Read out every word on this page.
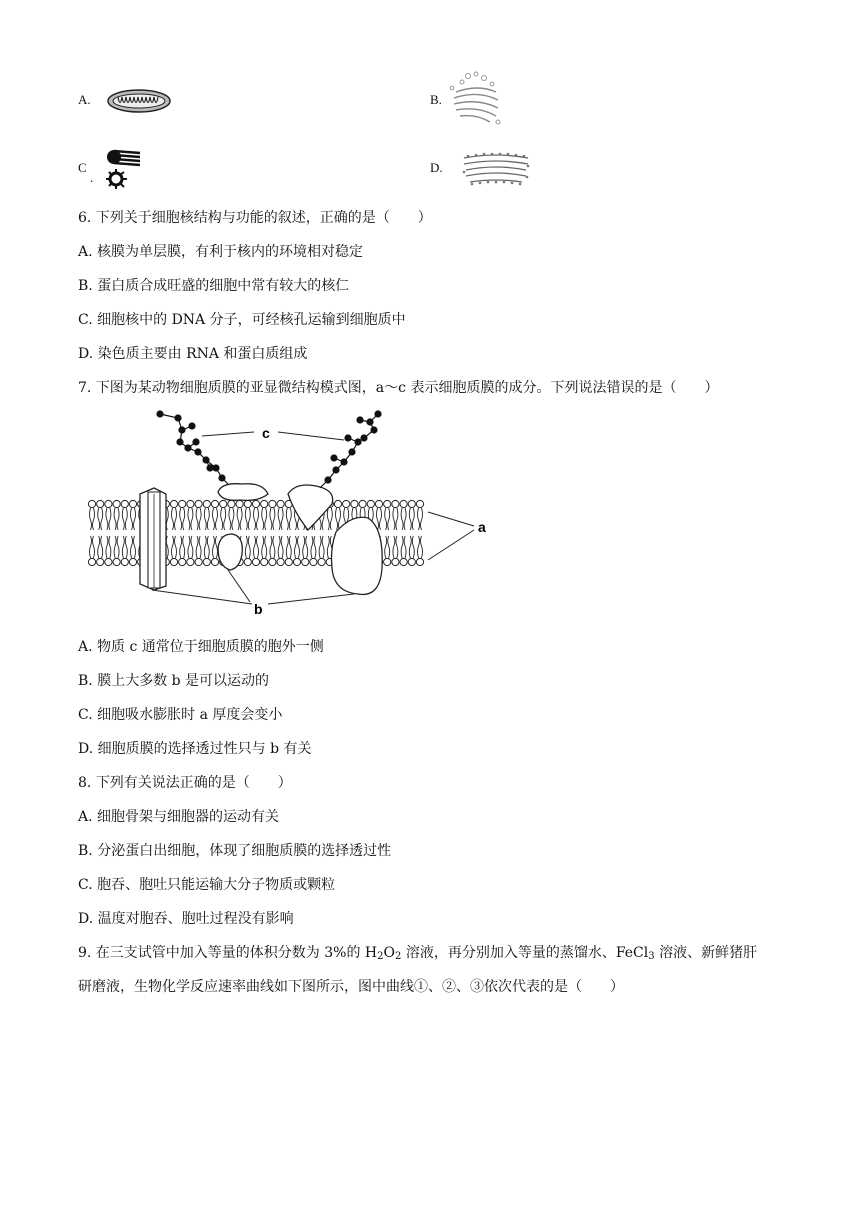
A.	B.
C
.
D.
6. 下列关于细胞核结构与功能的叙述，正确的是（　　）
A. 核膜为单层膜，有利于核内的环境相对稳定
B. 蛋白质合成旺盛的细胞中常有较大的核仁
C. 细胞核中的 DNA 分子，可经核孔运输到细胞质中
D. 染色质主要由 RNA 和蛋白质组成
7. 下图为某动物细胞质膜的亚显微结构模式图，a～c 表示细胞质膜的成分。下列说法错误的是（　　）
c
a
b
A. 物质 c 通常位于细胞质膜的胞外一侧
B. 膜上大多数 b 是可以运动的
C. 细胞吸水膨胀时 a 厚度会变小
D. 细胞质膜的选择透过性只与 b 有关
8. 下列有关说法正确的是（　　）
A. 细胞骨架与细胞器的运动有关
B. 分泌蛋白出细胞，体现了细胞质膜的选择透过性
C. 胞吞、胞吐只能运输大分子物质或颗粒
D. 温度对胞吞、胞吐过程没有影响
9. 在三支试管中加入等量的体积分数为 3%的 $H_2O_2$ 溶液，再分别加入等量的蒸馏水、FeCl$_3$ 溶液、新鲜猪肝
研磨液，生物化学反应速率曲线如下图所示，图中曲线①、②、③依次代表的是（　　）
